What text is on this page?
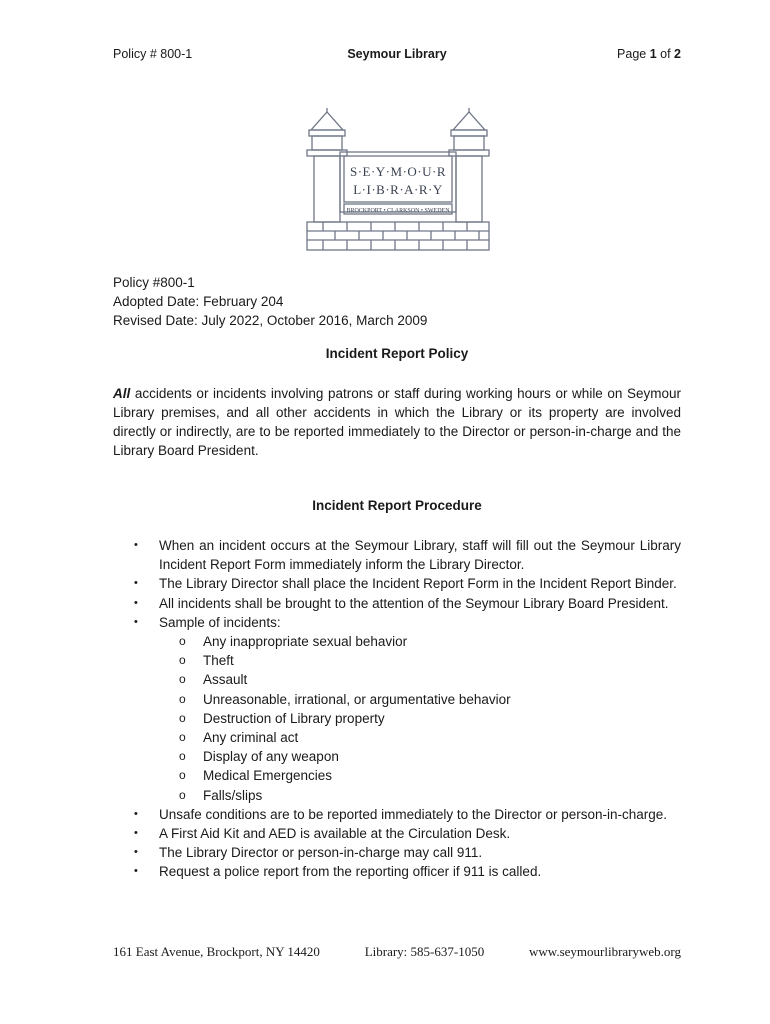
Policy # 800-1	Seymour Library	Page 1 of 2
S·E·Y·M·O·U·R
L·I·B·R·A·R·Y
BROCKPORT • CLARKSON • SWEDEN
Policy #800-1
Adopted Date: February 204
Revised Date: July 2022, October 2016, March 2009
Incident Report Policy
All accidents or incidents involving patrons or staff during working hours or while on Seymour Library premises, and all other accidents in which the Library or its property are involved directly or indirectly, are to be reported immediately to the Director or person-in-charge and the Library Board President.
Incident Report Procedure
• When an incident occurs at the Seymour Library, staff will fill out the Seymour Library Incident Report Form immediately inform the Library Director.
• The Library Director shall place the Incident Report Form in the Incident Report Binder.
• All incidents shall be brought to the attention of the Seymour Library Board President.
• Sample of incidents:
o Any inappropriate sexual behavior
o Theft
o Assault
o Unreasonable, irrational, or argumentative behavior
o Destruction of Library property
o Any criminal act
o Display of any weapon
o Medical Emergencies
o Falls/slips
• Unsafe conditions are to be reported immediately to the Director or person-in-charge.
• A First Aid Kit and AED is available at the Circulation Desk.
• The Library Director or person-in-charge may call 911.
• Request a police report from the reporting officer if 911 is called.
161 East Avenue, Brockport, NY 14420	Library: 585-637-1050	www.seymourlibraryweb.org
